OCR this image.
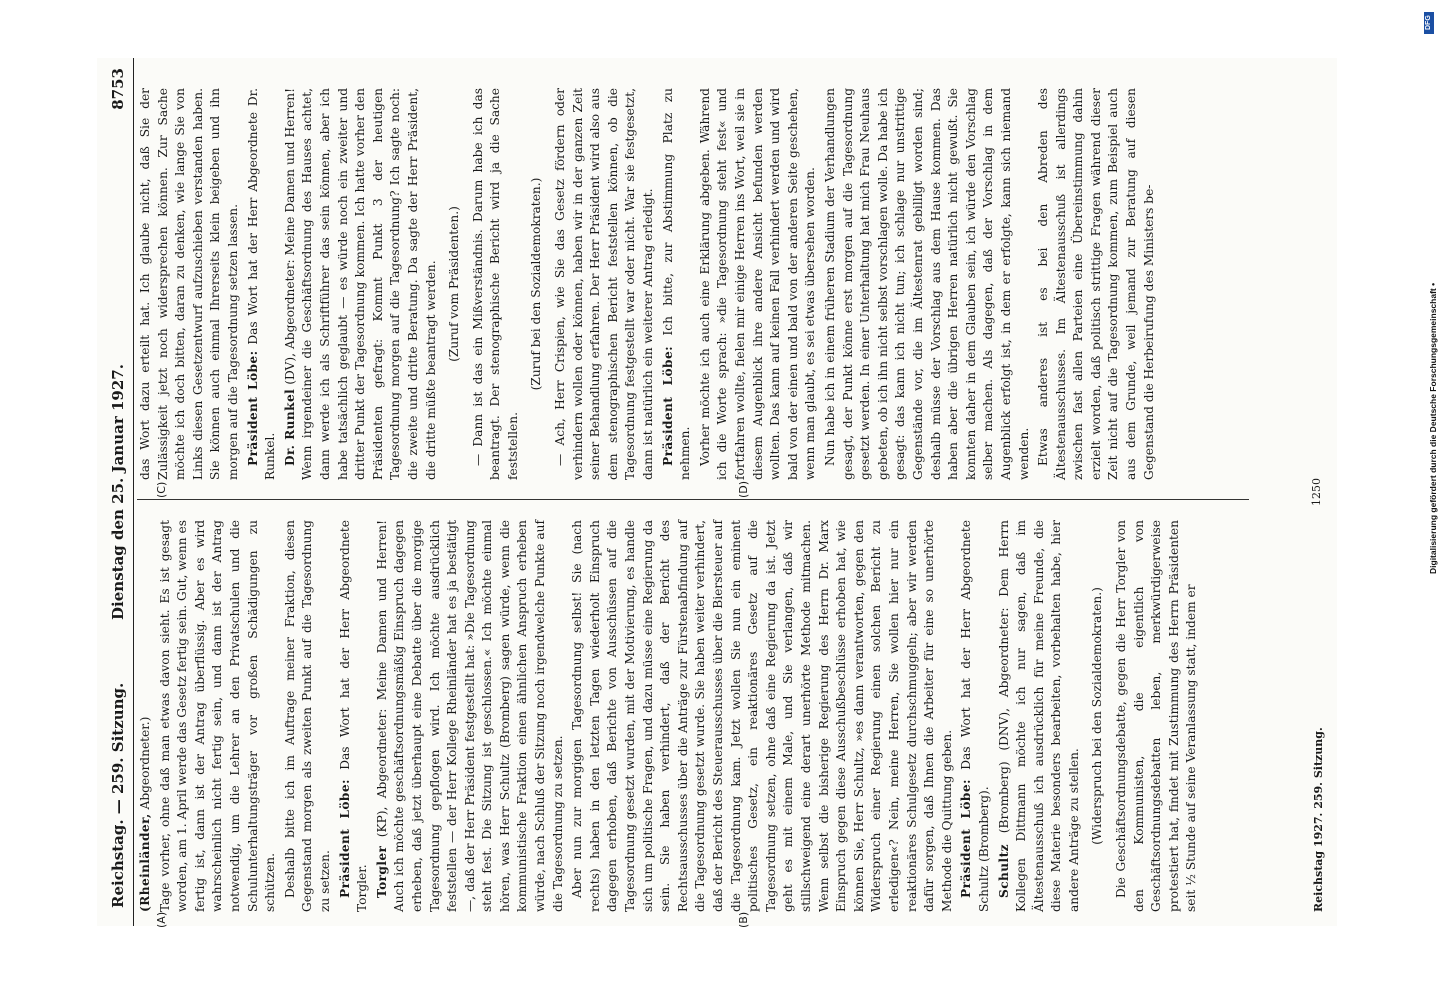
Reichstag. — 259. Sitzung.
Dienstag den 25. Januar 1927.
8753
(A)	(B)
(C)	(D)

(Rheinländer, Abgeordneter.) Tage vorher, ohne daß man etwas davon sieht. Es ist gesagt worden, am 1. April werde das Gesetz fertig sein. Gut, wenn es fertig ist, dann ist der Antrag überflüssig. Aber es wird wahrscheinlich nicht fertig sein, und dann ist der Antrag notwendig, um die Lehrer an den Privatschulen und die Schulunterhaltungsträger vor großen Schädigungen zu schützen. Deshalb bitte ich im Auftrage meiner Fraktion, diesen Gegenstand morgen als zweiten Punkt auf die Tagesordnung zu setzen. Präsident Löbe: Das Wort hat der Herr Abgeordnete Torgler. Torgler (KP), Abgeordneter: Meine Damen und Herren! Auch ich möchte geschäftsordnungsmäßig Einspruch dagegen erheben, daß jetzt überhaupt eine Debatte über die morgige Tagesordnung gepflogen wird. Ich möchte ausdrücklich feststellen — der Herr Kollege Rheinländer hat es ja bestätigt —, daß der Herr Präsident festgestellt hat: »Die Tagesordnung steht fest. Die Sitzung ist geschlossen.« Ich möchte einmal hören, was Herr Schultz (Bromberg) sagen würde, wenn die kommunistische Fraktion einen ähnlichen Anspruch erheben würde, nach Schluß der Sitzung noch irgendwelche Punkte auf die Tagesordnung zu setzen. Aber nun zur morgigen Tagesordnung selbst! Sie (nach rechts) haben in den letzten Tagen wiederholt Einspruch dagegen erhoben, daß Berichte von Ausschüssen auf die Tagesordnung gesetzt wurden, mit der Motivierung, es handle sich um politische Fragen, und dazu müsse eine Regierung da sein. Sie haben verhindert, daß der Bericht des Rechtsausschusses über die Anträge zur Fürstenabfindung auf die Tagesordnung gesetzt wurde. Sie haben weiter verhindert, daß der Bericht des Steuerausschusses über die Biersteuer auf die Tagesordnung kam. Jetzt wollen Sie nun ein eminent politisches Gesetz, ein reaktionäres Gesetz auf die Tagesordnung setzen, ohne daß eine Regierung da ist. Jetzt geht es mit einem Male, und Sie verlangen, daß wir stillschweigend eine derart unerhörte Methode mitmachen. Wenn selbst die bisherige Regierung des Herrn Dr. Marx Einspruch gegen diese Ausschußbeschlüsse erhoben hat, wie können Sie, Herr Schultz, »es dann verantworten, gegen den Widerspruch einer Regierung einen solchen Bericht zu erledigen«? Nein, meine Herren, Sie wollen hier nur ein reaktionäres Schulgesetz durchschmuggeln; aber wir werden dafür sorgen, daß Ihnen die Arbeiter für eine so unerhörte Methode die Quittung geben. Präsident Löbe: Das Wort hat der Herr Abgeordnete Schultz (Bromberg). Schultz (Bromberg) (DNV), Abgeordneter: Dem Herrn Kollegen Dittmann möchte ich nur sagen, daß im Ältestenausschuß ich ausdrücklich für meine Freunde, die diese Materie besonders bearbeiten, vorbehalten habe, hier andere Anträge zu stellen. (Widerspruch bei den Sozialdemokraten.) Die Geschäftsordnungsdebatte, gegen die Herr Torgler von den Kommunisten, die eigentlich von Geschäftsordnungsdebatten leben, merkwürdigerweise protestiert hat, findet mit Zustimmung des Herrn Präsidenten seit ½ Stunde auf seine Veranlassung statt, indem er

das Wort dazu erteilt hat. Ich glaube nicht, daß Sie der Zulässigkeit jetzt noch widersprechen können. Zur Sache möchte ich doch bitten, daran zu denken, wie lange Sie von Links diesen Gesetzentwurf aufzuschieben verstanden haben. Sie können auch einmal Ihrerseits klein beigeben und ihn morgen auf die Tagesordnung setzen lassen. Präsident Löbe: Das Wort hat der Herr Abgeordnete Dr. Runkel. Dr. Runkel (DV), Abgeordneter: Meine Damen und Herren! Wenn irgendeiner die Geschäftsordnung des Hauses achtet, dann werde ich als Schriftführer das sein können, aber ich habe tatsächlich geglaubt — es würde noch ein zweiter und dritter Punkt der Tagesordnung kommen. Ich hatte vorher den Präsidenten gefragt: Kommt Punkt 3 der heutigen Tagesordnung morgen auf die Tagesordnung? Ich sagte noch: die zweite und dritte Beratung. Da sagte der Herr Präsident, die dritte müßte beantragt werden. (Zuruf vom Präsidenten.) — Dann ist das ein Mißverständnis. Darum habe ich das beantragt. Der stenographische Bericht wird ja die Sache feststellen.

(Zuruf bei den Sozialdemokraten.) — Ach, Herr Crispien, wie Sie das Gesetz fördern oder verhindern wollen oder können, haben wir in der ganzen Zeit seiner Behandlung erfahren. Der Herr Präsident wird also aus dem stenographischen Bericht feststellen können, ob die Tagesordnung festgestellt war oder nicht. War sie festgesetzt, dann ist natürlich ein weiterer Antrag erledigt. Präsident Löbe: Ich bitte, zur Abstimmung Platz zu nehmen. Vorher möchte ich auch eine Erklärung abgeben. Während ich die Worte sprach: »die Tagesordnung steht fest« und fortfahren wollte, fielen mir einige Herren ins Wort, weil sie in diesem Augenblick ihre andere Ansicht befunden werden wollten. Das kann auf keinen Fall verhindert werden und wird bald von der einen und bald von der anderen Seite geschehen, wenn man glaubt, es sei etwas übersehen worden. Nun habe ich in einem früheren Stadium der Verhandlungen gesagt, der Punkt könne erst morgen auf die Tagesordnung gesetzt werden. In einer Unterhaltung hat mich Frau Neuhaus gebeten, ob ich ihn nicht selbst vorschlagen wolle. Da habe ich gesagt: das kann ich nicht tun; ich schlage nur unstrittige Gegenstände vor, die im Ältestenrat gebilligt worden sind; deshalb müsse der Vorschlag aus dem Hause kommen. Das haben aber die übrigen Herren natürlich nicht gewußt. Sie konnten daher in dem Glauben sein, ich würde den Vorschlag selber machen. Als dagegen, daß der Vorschlag in dem Augenblick erfolgt ist, in dem er erfolgte, kann sich niemand wenden. Etwas anderes ist es bei den Abreden des Ältestenausschusses. Im Ältestenausschuß ist allerdings zwischen fast allen Parteien eine Übereinstimmung dahin erzielt worden, daß politisch strittige Fragen während dieser Zeit nicht auf die Tagesordnung kommen, zum Beispiel auch aus dem Grunde, weil jemand zur Beratung auf diesen Gegenstand die Herbeirufung des Ministers be-

Reichstag 1927. 259. Sitzung.
1250
DFG
Digitalisierung gefördert durch die Deutsche Forschungsgemeinschaft •
